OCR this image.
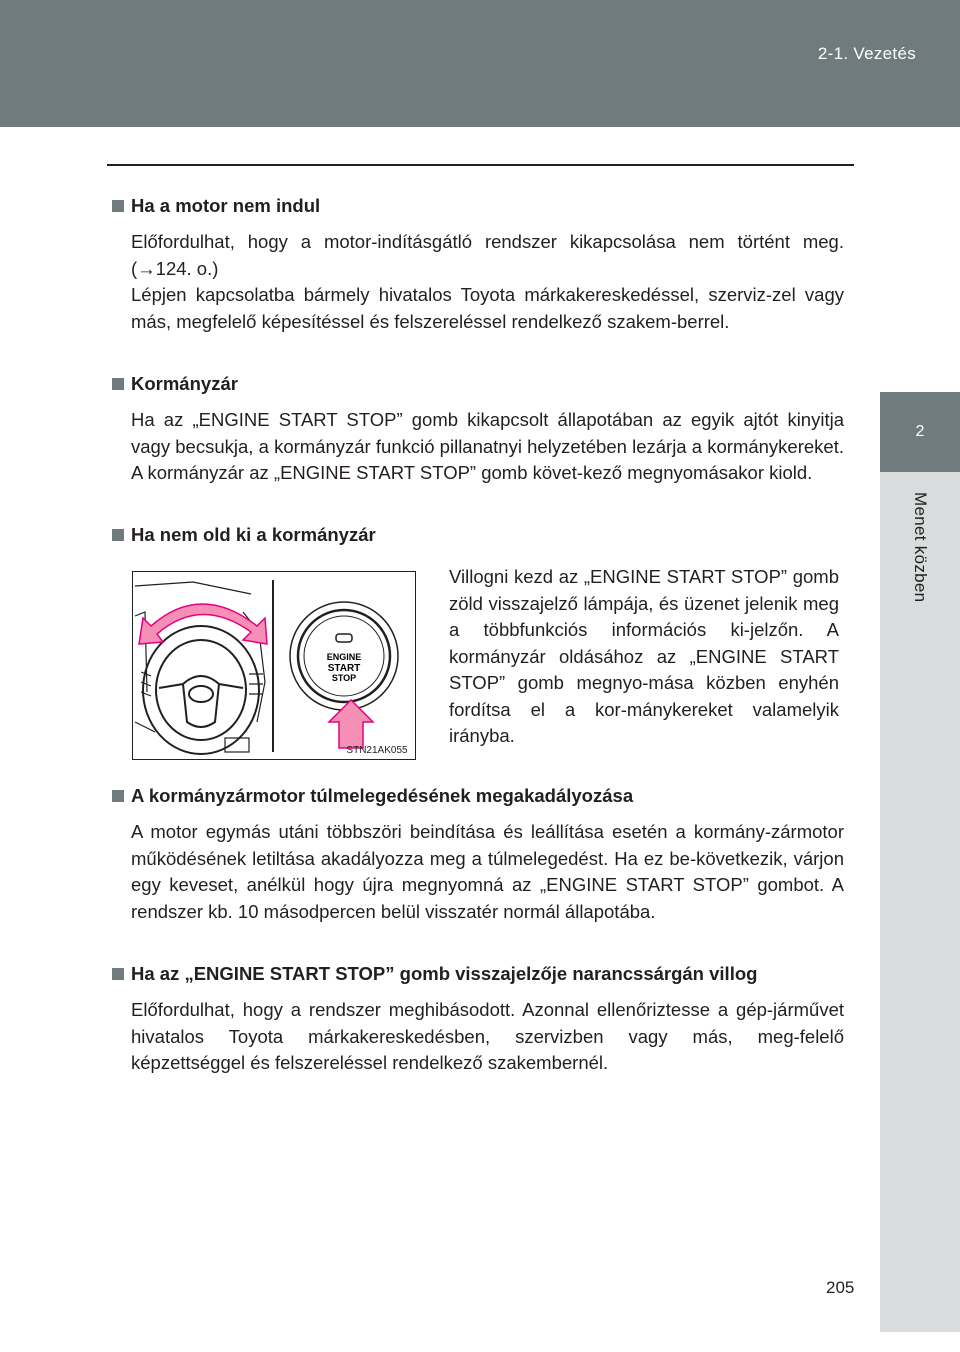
2-1. Vezetés
2
Menet közben
Ha a motor nem indul

Előfordulhat, hogy a motor-indításgátló rendszer kikapcsolása nem történt meg. (→124. o.)

Lépjen kapcsolatba bármely hivatalos Toyota márkakereskedéssel, szerviz-zel vagy más, megfelelő képesítéssel és felszereléssel rendelkező szakem-berrel.

Kormányzár

Ha az „ENGINE START STOP” gomb kikapcsolt állapotában az egyik ajtót kinyitja vagy becsukja, a kormányzár funkció pillanatnyi helyzetében lezárja a kormánykereket. A kormányzár az „ENGINE START STOP” gomb követ-kező megnyomásakor kiold.

Ha nem old ki a kormányzár
ENGINE
START
STOP
STN21AK055

Villogni kezd az „ENGINE START STOP” gomb zöld visszajelző lámpája, és üzenet jelenik meg a többfunkciós információs ki-jelzőn. A kormányzár oldásához az „ENGINE START STOP” gomb megnyo-mása közben enyhén fordítsa el a kor-mánykereket valamelyik irányba.

A kormányzármotor túlmelegedésének megakadályozása

A motor egymás utáni többszöri beindítása és leállítása esetén a kormány-zármotor működésének letiltása akadályozza meg a túlmelegedést. Ha ez be-következik, várjon egy keveset, anélkül hogy újra megnyomná az „ENGINE START STOP” gombot. A rendszer kb. 10 másodpercen belül visszatér normál állapotába.

Ha az „ENGINE START STOP” gomb visszajelzője narancssárgán villog

Előfordulhat, hogy a rendszer meghibásodott. Azonnal ellenőriztesse a gép-járművet hivatalos Toyota márkakereskedésben, szervizben vagy más, meg-felelő képzettséggel és felszereléssel rendelkező szakembernél.

205
